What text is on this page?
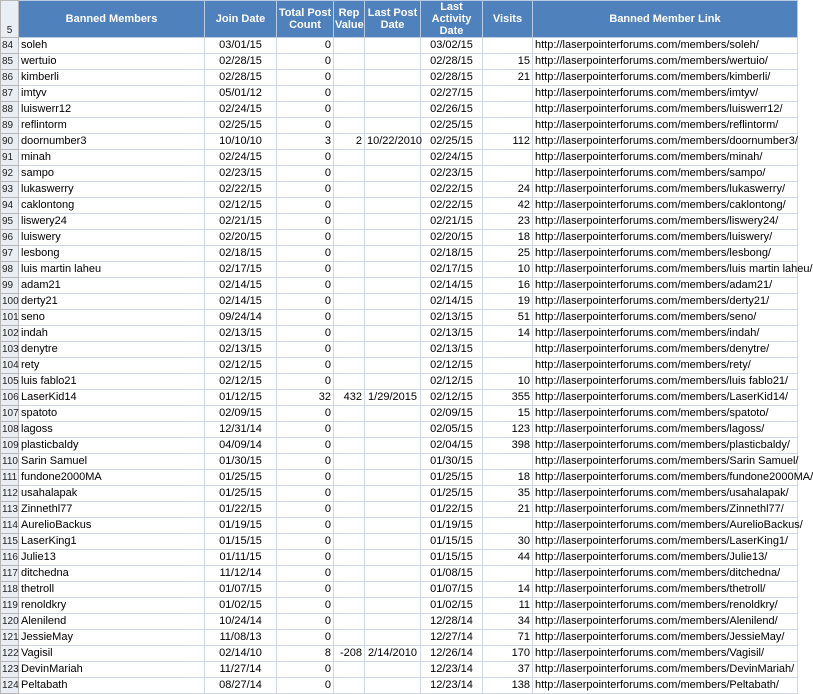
5	Banned Members	Join Date	Total Post Count	Rep Value	Last Post Date	Last Activity Date	Visits	Banned Member Link
84	soleh	03/01/15	0			03/02/15		http://laserpointerforums.com/members/soleh/
85	wertuio	02/28/15	0			02/28/15	15	http://laserpointerforums.com/members/wertuio/
86	kimberli	02/28/15	0			02/28/15	21	http://laserpointerforums.com/members/kimberli/
87	imtyv	05/01/12	0			02/27/15		http://laserpointerforums.com/members/imtyv/
88	luiswerr12	02/24/15	0			02/26/15		http://laserpointerforums.com/members/luiswerr12/
89	reflintorm	02/25/15	0			02/25/15		http://laserpointerforums.com/members/reflintorm/
90	doornumber3	10/10/10	3	2	10/22/2010	02/25/15	112	http://laserpointerforums.com/members/doornumber3/
91	minah	02/24/15	0			02/24/15		http://laserpointerforums.com/members/minah/
92	sampo	02/23/15	0			02/23/15		http://laserpointerforums.com/members/sampo/
93	lukaswerry	02/22/15	0			02/22/15	24	http://laserpointerforums.com/members/lukaswerry/
94	caklontong	02/12/15	0			02/22/15	42	http://laserpointerforums.com/members/caklontong/
95	liswery24	02/21/15	0			02/21/15	23	http://laserpointerforums.com/members/liswery24/
96	luiswery	02/20/15	0			02/20/15	18	http://laserpointerforums.com/members/luiswery/
97	lesbong	02/18/15	0			02/18/15	25	http://laserpointerforums.com/members/lesbong/
98	luis martin laheu	02/17/15	0			02/17/15	10	http://laserpointerforums.com/members/luis martin laheu/
99	adam21	02/14/15	0			02/14/15	16	http://laserpointerforums.com/members/adam21/
100	derty21	02/14/15	0			02/14/15	19	http://laserpointerforums.com/members/derty21/
101	seno	09/24/14	0			02/13/15	51	http://laserpointerforums.com/members/seno/
102	indah	02/13/15	0			02/13/15	14	http://laserpointerforums.com/members/indah/
103	denytre	02/13/15	0			02/13/15		http://laserpointerforums.com/members/denytre/
104	rety	02/12/15	0			02/12/15		http://laserpointerforums.com/members/rety/
105	luis fablo21	02/12/15	0			02/12/15	10	http://laserpointerforums.com/members/luis fablo21/
106	LaserKid14	01/12/15	32	432	1/29/2015	02/12/15	355	http://laserpointerforums.com/members/LaserKid14/
107	spatoto	02/09/15	0			02/09/15	15	http://laserpointerforums.com/members/spatoto/
108	lagoss	12/31/14	0			02/05/15	123	http://laserpointerforums.com/members/lagoss/
109	plasticbaldy	04/09/14	0			02/04/15	398	http://laserpointerforums.com/members/plasticbaldy/
110	Sarin Samuel	01/30/15	0			01/30/15		http://laserpointerforums.com/members/Sarin Samuel/
111	fundone2000MA	01/25/15	0			01/25/15	18	http://laserpointerforums.com/members/fundone2000MA/
112	usahalapak	01/25/15	0			01/25/15	35	http://laserpointerforums.com/members/usahalapak/
113	Zinnethl77	01/22/15	0			01/22/15	21	http://laserpointerforums.com/members/Zinnethl77/
114	AurelioBackus	01/19/15	0			01/19/15		http://laserpointerforums.com/members/AurelioBackus/
115	LaserKing1	01/15/15	0			01/15/15	30	http://laserpointerforums.com/members/LaserKing1/
116	Julie13	01/11/15	0			01/15/15	44	http://laserpointerforums.com/members/Julie13/
117	ditchedna	11/12/14	0			01/08/15		http://laserpointerforums.com/members/ditchedna/
118	thetroll	01/07/15	0			01/07/15	14	http://laserpointerforums.com/members/thetroll/
119	renoldkry	01/02/15	0			01/02/15	11	http://laserpointerforums.com/members/renoldkry/
120	Alenilend	10/24/14	0			12/28/14	34	http://laserpointerforums.com/members/Alenilend/
121	JessieMay	11/08/13	0			12/27/14	71	http://laserpointerforums.com/members/JessieMay/
122	Vagisil	02/14/10	8	-208	2/14/2010	12/26/14	170	http://laserpointerforums.com/members/Vagisil/
123	DevinMariah	11/27/14	0			12/23/14	37	http://laserpointerforums.com/members/DevinMariah/
124	Peltabath	08/27/14	0			12/23/14	138	http://laserpointerforums.com/members/Peltabath/
